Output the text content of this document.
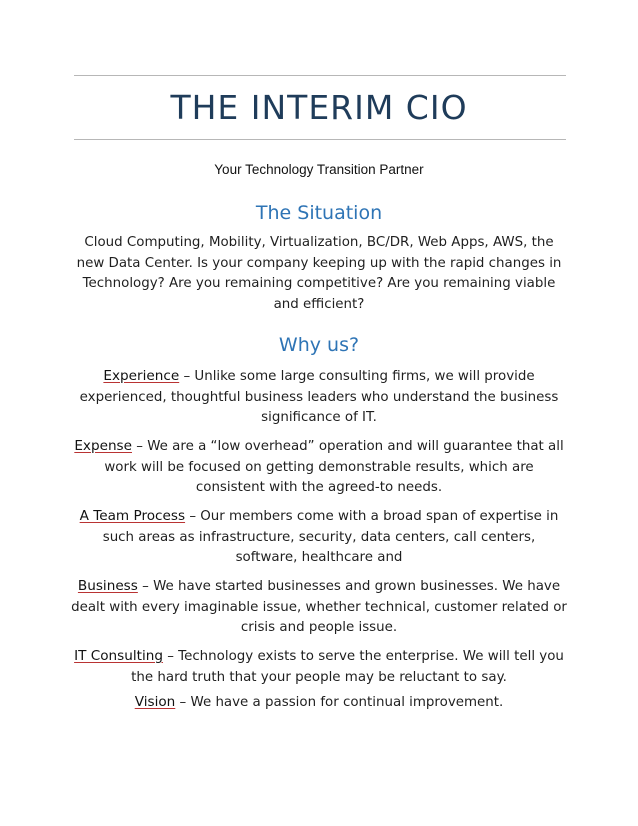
THE INTERIM CIO
Your Technology Transition Partner
The Situation
Cloud Computing, Mobility, Virtualization, BC/DR, Web Apps, AWS, the new Data Center. Is your company keeping up with the rapid changes in Technology? Are you remaining competitive? Are you remaining viable and efficient?
Why us?
Experience – Unlike some large consulting firms, we will provide experienced, thoughtful business leaders who understand the business significance of IT.
Expense – We are a “low overhead” operation and will guarantee that all work will be focused on getting demonstrable results, which are consistent with the agreed-to needs.
A Team Process – Our members come with a broad span of expertise in such areas as infrastructure, security, data centers, call centers, software, healthcare and
Business – We have started businesses and grown businesses. We have dealt with every imaginable issue, whether technical, customer related or crisis and people issue.
IT Consulting – Technology exists to serve the enterprise. We will tell you the hard truth that your people may be reluctant to say.
Vision – We have a passion for continual improvement.
